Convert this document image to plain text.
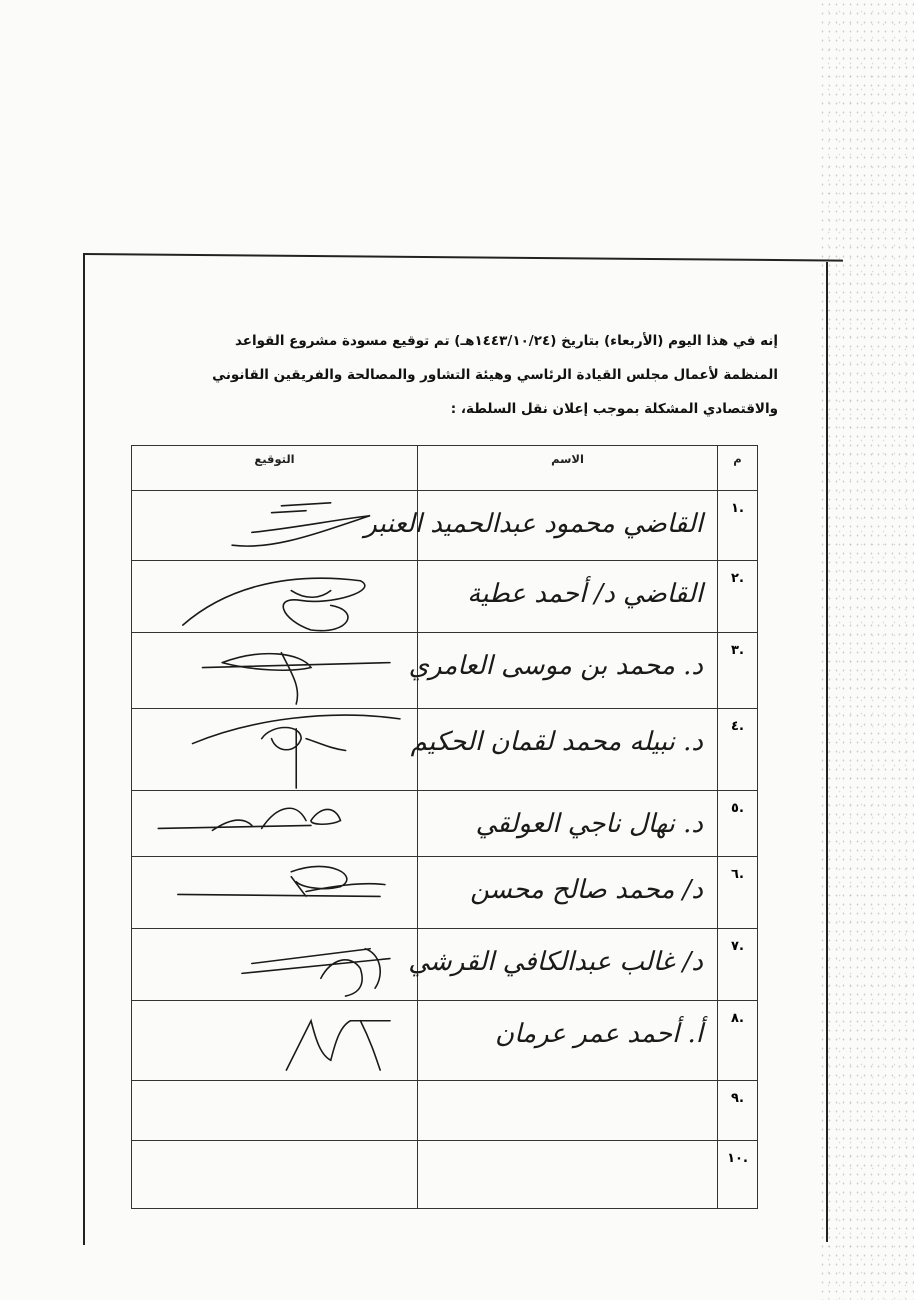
إنه في هذا اليوم (الأربعاء) بتاريخ (١٤٤٣/١٠/٢٤هـ) تم توقيع مسودة مشروع القواعد

المنظمة لأعمال مجلس القيادة الرئاسي وهيئة التشاور والمصالحة والفريقين القانوني

والاقتصادي المشكلة بموجب إعلان نقل السلطة، :

م	الاسم	التوقيع
.١	القاضي محمود عبدالحميد العنبر

.٢	القاضي د/ أحمد عطية

.٣	د. محمد بن موسى العامري

.٤	د. نبيله محمد لقمان الحكيم

.٥	د. نهال ناجي العولقي

.٦	د/ محمد صالح محسن

.٧	د/ غالب عبدالكافي القرشي

.٨	أ. أحمد عمر عرمان

.٩	

.١٠	
